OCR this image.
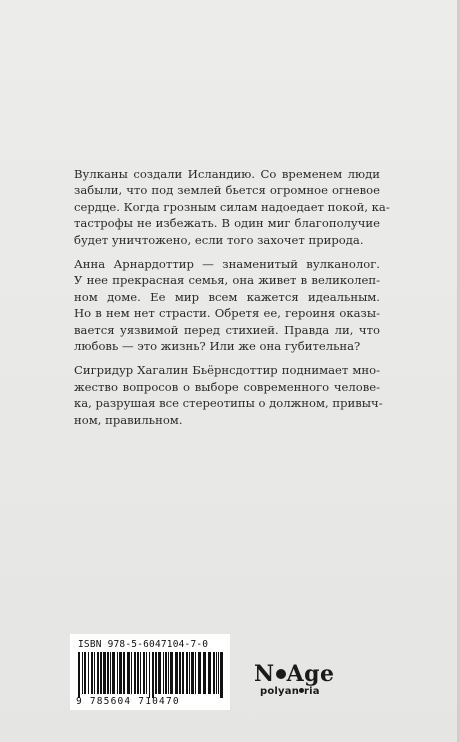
Вулканы создали Исландию. Со временем люди
забыли, что под землей бьется огромное огневое
сердце. Когда грозным силам надоедает покой, ка-
тастрофы не избежать. В один миг благополучие
будет уничтожено, если того захочет природа.
Анна Арнардоттир — знаменитый вулканолог.
У нее прекрасная семья, она живет в великолеп-
ном доме. Ее мир всем кажется идеальным.
Но в нем нет страсти. Обретя ее, героиня оказы-
вается уязвимой перед стихией. Правда ли, что
любовь — это жизнь? Или же она губительна?
Сигридур Хагалин Бьёрнсдоттир поднимает мно-
жество вопросов о выборе современного челове-
ка, разрушая все стереотипы о должном, привыч-
ном, правильном.
ISBN 978-5-6047104-7-0
9 785604 710470
N Age
polyan ria
